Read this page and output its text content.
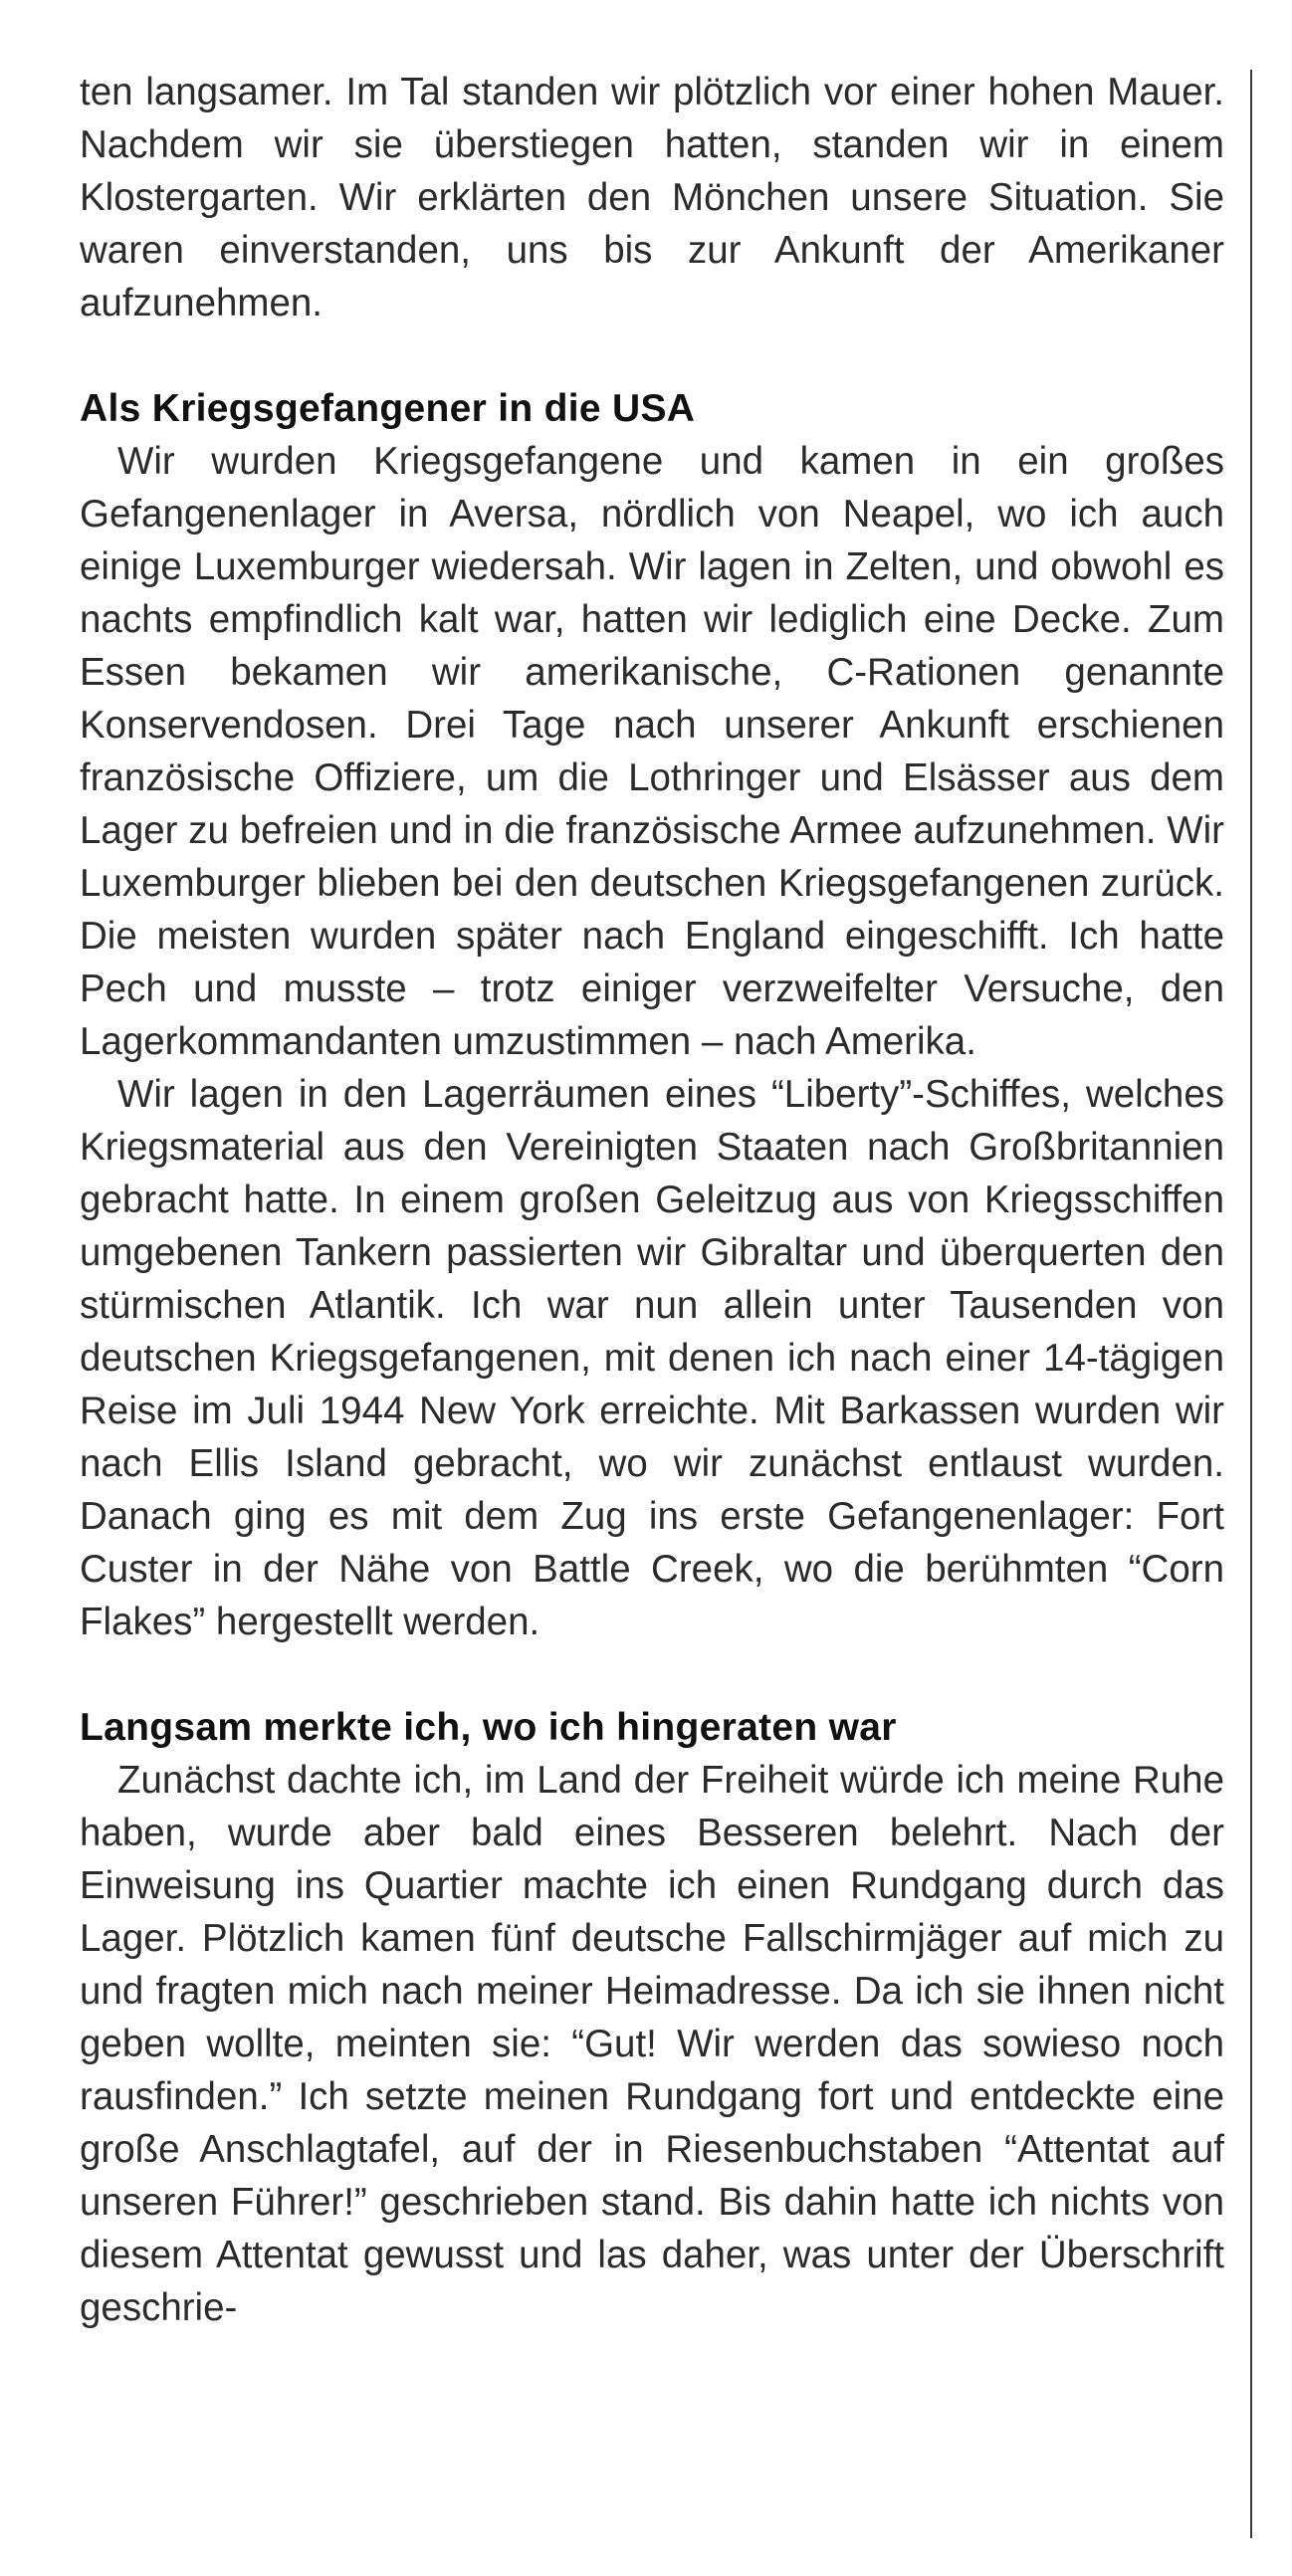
ten langsamer. Im Tal standen wir plötzlich vor einer hohen Mauer. Nachdem wir sie überstiegen hatten, standen wir in einem Klostergarten. Wir erklärten den Mönchen unsere Situation. Sie waren einverstanden, uns bis zur Ankunft der Amerikaner aufzunehmen.

Als Kriegsgefangener in die USA

Wir wurden Kriegsgefangene und kamen in ein großes Gefangenenlager in Aversa, nördlich von Neapel, wo ich auch einige Luxemburger wiedersah. Wir lagen in Zelten, und obwohl es nachts empfindlich kalt war, hatten wir lediglich eine Decke. Zum Essen bekamen wir amerikanische, C-Rationen genannte Konservendosen. Drei Tage nach unserer Ankunft erschienen französische Offiziere, um die Lothringer und Elsässer aus dem Lager zu befreien und in die französische Armee aufzunehmen. Wir Luxemburger blieben bei den deutschen Kriegsgefangenen zurück. Die meisten wurden später nach England eingeschifft. Ich hatte Pech und musste – trotz einiger verzweifelter Versuche, den Lagerkommandanten umzustimmen – nach Amerika.

Wir lagen in den Lagerräumen eines “Liberty”-Schiffes, welches Kriegsmaterial aus den Vereinigten Staaten nach Großbritannien gebracht hatte. In einem großen Geleitzug aus von Kriegsschiffen umgebenen Tankern passierten wir Gibraltar und überquerten den stürmischen Atlantik. Ich war nun allein unter Tausenden von deutschen Kriegsgefangenen, mit denen ich nach einer 14-tägigen Reise im Juli 1944 New York erreichte. Mit Barkassen wurden wir nach Ellis Island gebracht, wo wir zunächst entlaust wurden. Danach ging es mit dem Zug ins erste Gefangenenlager: Fort Custer in der Nähe von Battle Creek, wo die berühmten “Corn Flakes” hergestellt werden.

Langsam merkte ich, wo ich hingeraten war

Zunächst dachte ich, im Land der Freiheit würde ich meine Ruhe haben, wurde aber bald eines Besseren belehrt. Nach der Einweisung ins Quartier machte ich einen Rundgang durch das Lager. Plötzlich kamen fünf deutsche Fallschirmjäger auf mich zu und fragten mich nach meiner Heimadresse. Da ich sie ihnen nicht geben wollte, meinten sie: “Gut! Wir werden das sowieso noch rausfinden.” Ich setzte meinen Rundgang fort und entdeckte eine große Anschlagtafel, auf der in Riesenbuchstaben “Attentat auf unseren Führer!” geschrieben stand. Bis dahin hatte ich nichts von diesem Attentat gewusst und las daher, was unter der Überschrift geschrie-
